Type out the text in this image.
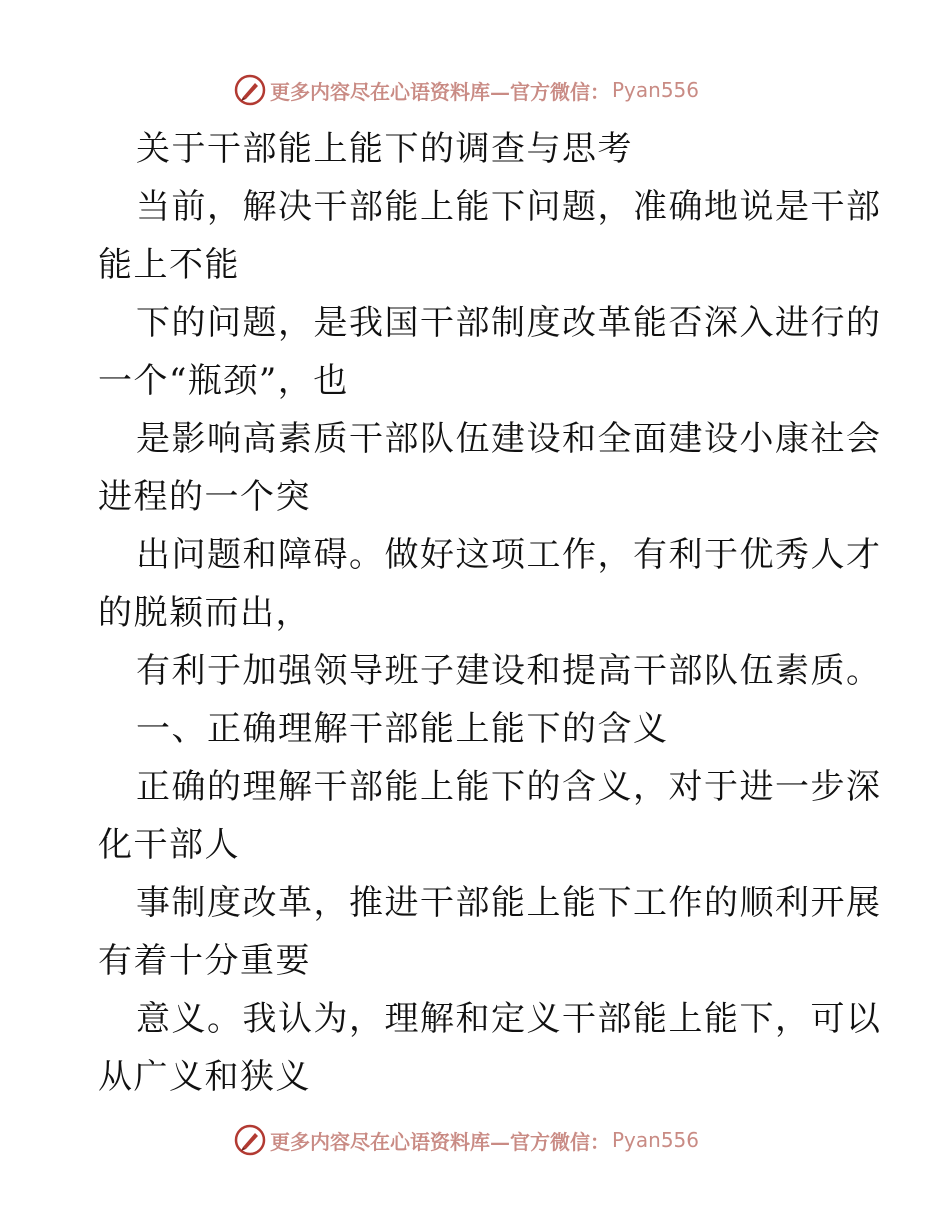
更多内容尽在心语资料库—官方微信： Pyan556
关于干部能上能下的调查与思考
当前，解决干部能上能下问题，准确地说是干部
能上不能
下的问题，是我国干部制度改革能否深入进行的
一个“瓶颈”，也
是影响高素质干部队伍建设和全面建设小康社会
进程的一个突
出问题和障碍。做好这项工作，有利于优秀人才
的脱颖而出，
有利于加强领导班子建设和提高干部队伍素质。
一、正确理解干部能上能下的含义
正确的理解干部能上能下的含义，对于进一步深
化干部人
事制度改革，推进干部能上能下工作的顺利开展
有着十分重要
意义。我认为，理解和定义干部能上能下，可以
从广义和狭义
更多内容尽在心语资料库—官方微信： Pyan556
